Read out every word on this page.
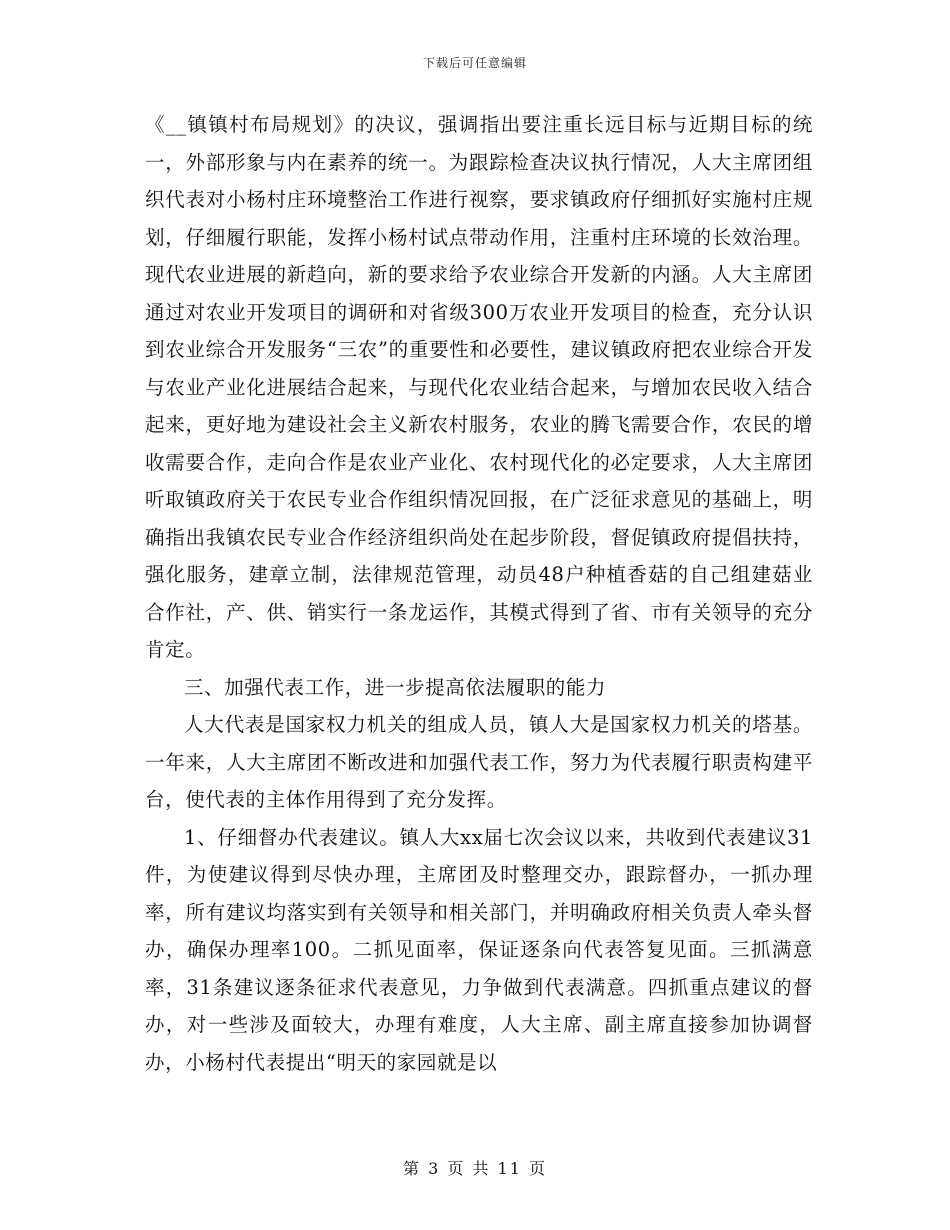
下载后可任意编辑

《__镇镇村布局规划》的决议，强调指出要注重长远目标与近期目标的统一，外部形象与内在素养的统一。为跟踪检查决议执行情况，人大主席团组织代表对小杨村庄环境整治工作进行视察，要求镇政府仔细抓好实施村庄规划，仔细履行职能，发挥小杨村试点带动作用，注重村庄环境的长效治理。现代农业进展的新趋向，新的要求给予农业综合开发新的内涵。人大主席团通过对农业开发项目的调研和对省级300万农业开发项目的检查，充分认识到农业综合开发服务“三农”的重要性和必要性，建议镇政府把农业综合开发与农业产业化进展结合起来，与现代化农业结合起来，与增加农民收入结合起来，更好地为建设社会主义新农村服务，农业的腾飞需要合作，农民的增收需要合作，走向合作是农业产业化、农村现代化的必定要求，人大主席团听取镇政府关于农民专业合作组织情况回报，在广泛征求意见的基础上，明确指出我镇农民专业合作经济组织尚处在起步阶段，督促镇政府提倡扶持，强化服务，建章立制，法律规范管理，动员48户种植香菇的自己组建菇业合作社，产、供、销实行一条龙运作，其模式得到了省、市有关领导的充分肯定。

三、加强代表工作，进一步提高依法履职的能力

人大代表是国家权力机关的组成人员，镇人大是国家权力机关的塔基。一年来，人大主席团不断改进和加强代表工作，努力为代表履行职责构建平台，使代表的主体作用得到了充分发挥。

1、仔细督办代表建议。镇人大xx届七次会议以来，共收到代表建议31件，为使建议得到尽快办理，主席团及时整理交办，跟踪督办，一抓办理率，所有建议均落实到有关领导和相关部门，并明确政府相关负责人牵头督办，确保办理率100。二抓见面率，保证逐条向代表答复见面。三抓满意率，31条建议逐条征求代表意见，力争做到代表满意。四抓重点建议的督办，对一些涉及面较大，办理有难度，人大主席、副主席直接参加协调督办，小杨村代表提出“明天的家园就是以

第 3 页 共 11 页
